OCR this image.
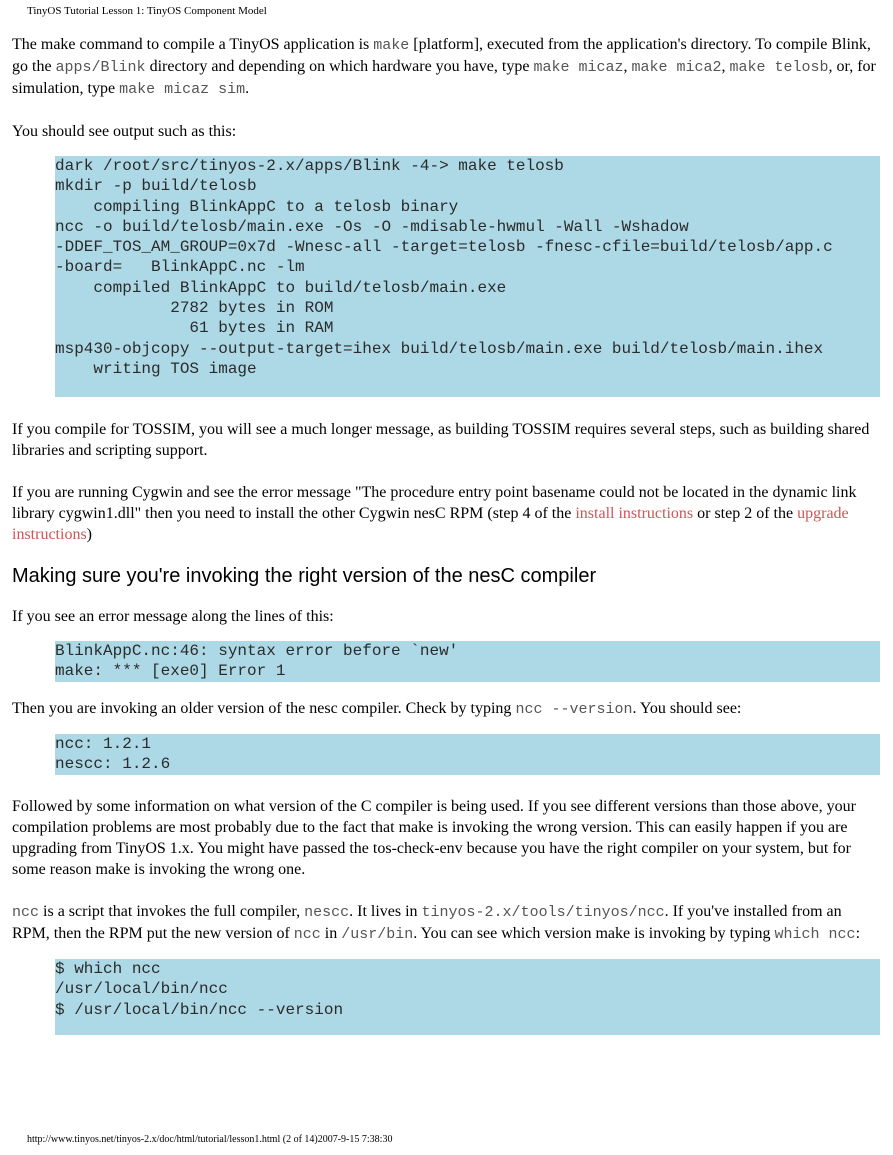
TinyOS Tutorial Lesson 1: TinyOS Component Model

The make command to compile a TinyOS application is make [platform], executed from the application's directory. To compile Blink, go the apps/Blink directory and depending on which hardware you have, type make micaz, make mica2, make telosb, or, for simulation, type make micaz sim.

You should see output such as this:

dark /root/src/tinyos-2.x/apps/Blink -4-> make telosb
mkdir -p build/telosb
compiling BlinkAppC to a telosb binary
ncc -o build/telosb/main.exe -Os -O -mdisable-hwmul -Wall -Wshadow
-DDEF_TOS_AM_GROUP=0x7d -Wnesc-all -target=telosb -fnesc-cfile=build/telosb/app.c
-board=   BlinkAppC.nc -lm
compiled BlinkAppC to build/telosb/main.exe
2782 bytes in ROM
61 bytes in RAM
msp430-objcopy --output-target=ihex build/telosb/main.exe build/telosb/main.ihex
writing TOS image

If you compile for TOSSIM, you will see a much longer message, as building TOSSIM requires several steps, such as building shared libraries and scripting support.

If you are running Cygwin and see the error message "The procedure entry point basename could not be located in the dynamic link library cygwin1.dll" then you need to install the other Cygwin nesC RPM (step 4 of the install instructions or step 2 of the upgrade instructions)

Making sure you're invoking the right version of the nesC compiler

If you see an error message along the lines of this:

BlinkAppC.nc:46: syntax error before `new'
make: *** [exe0] Error 1

Then you are invoking an older version of the nesc compiler. Check by typing ncc --version. You should see:

ncc: 1.2.1
nescc: 1.2.6

Followed by some information on what version of the C compiler is being used. If you see different versions than those above, your compilation problems are most probably due to the fact that make is invoking the wrong version. This can easily happen if you are upgrading from TinyOS 1.x. You might have passed the tos-check-env because you have the right compiler on your system, but for some reason make is invoking the wrong one.

ncc is a script that invokes the full compiler, nescc. It lives in tinyos-2.x/tools/tinyos/ncc. If you've installed from an RPM, then the RPM put the new version of ncc in /usr/bin. You can see which version make is invoking by typing which ncc:

$ which ncc
/usr/local/bin/ncc
$ /usr/local/bin/ncc --version

http://www.tinyos.net/tinyos-2.x/doc/html/tutorial/lesson1.html (2 of 14)2007-9-15 7:38:30
